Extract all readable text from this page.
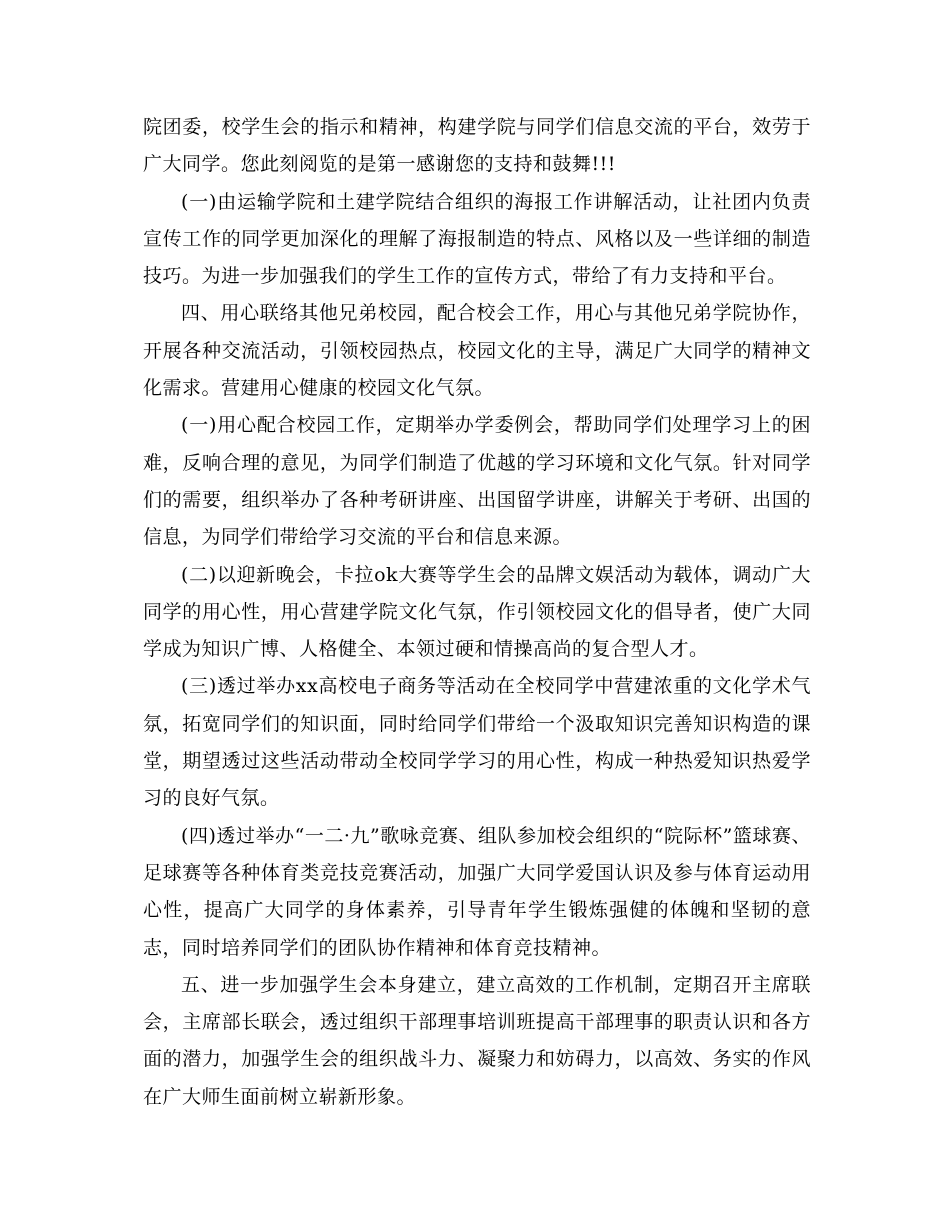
院团委，校学生会的指示和精神，构建学院与同学们信息交流的平台，效劳于广大同学。您此刻阅览的是第一感谢您的支持和鼓舞!!!

(一)由运输学院和土建学院结合组织的海报工作讲解活动，让社团内负责宣传工作的同学更加深化的理解了海报制造的特点、风格以及一些详细的制造技巧。为进一步加强我们的学生工作的宣传方式，带给了有力支持和平台。

四、用心联络其他兄弟校园，配合校会工作，用心与其他兄弟学院协作，开展各种交流活动，引领校园热点，校园文化的主导，满足广大同学的精神文化需求。营建用心健康的校园文化气氛。

(一)用心配合校园工作，定期举办学委例会，帮助同学们处理学习上的困难，反响合理的意见，为同学们制造了优越的学习环境和文化气氛。针对同学们的需要，组织举办了各种考研讲座、出国留学讲座，讲解关于考研、出国的信息，为同学们带给学习交流的平台和信息来源。

(二)以迎新晚会，卡拉ok大赛等学生会的品牌文娱活动为载体，调动广大同学的用心性，用心营建学院文化气氛，作引领校园文化的倡导者，使广大同学成为知识广博、人格健全、本领过硬和情操高尚的复合型人才。

(三)透过举办xx高校电子商务等活动在全校同学中营建浓重的文化学术气氛，拓宽同学们的知识面，同时给同学们带给一个汲取知识完善知识构造的课堂，期望透过这些活动带动全校同学学习的用心性，构成一种热爱知识热爱学习的良好气氛。

(四)透过举办“一二·九”歌咏竞赛、组队参加校会组织的“院际杯”篮球赛、足球赛等各种体育类竞技竞赛活动，加强广大同学爱国认识及参与体育运动用心性，提高广大同学的身体素养，引导青年学生锻炼强健的体魄和坚韧的意志，同时培养同学们的团队协作精神和体育竞技精神。

五、进一步加强学生会本身建立，建立高效的工作机制，定期召开主席联会，主席部长联会，透过组织干部理事培训班提高干部理事的职责认识和各方面的潜力，加强学生会的组织战斗力、凝聚力和妨碍力，以高效、务实的作风在广大师生面前树立崭新形象。
